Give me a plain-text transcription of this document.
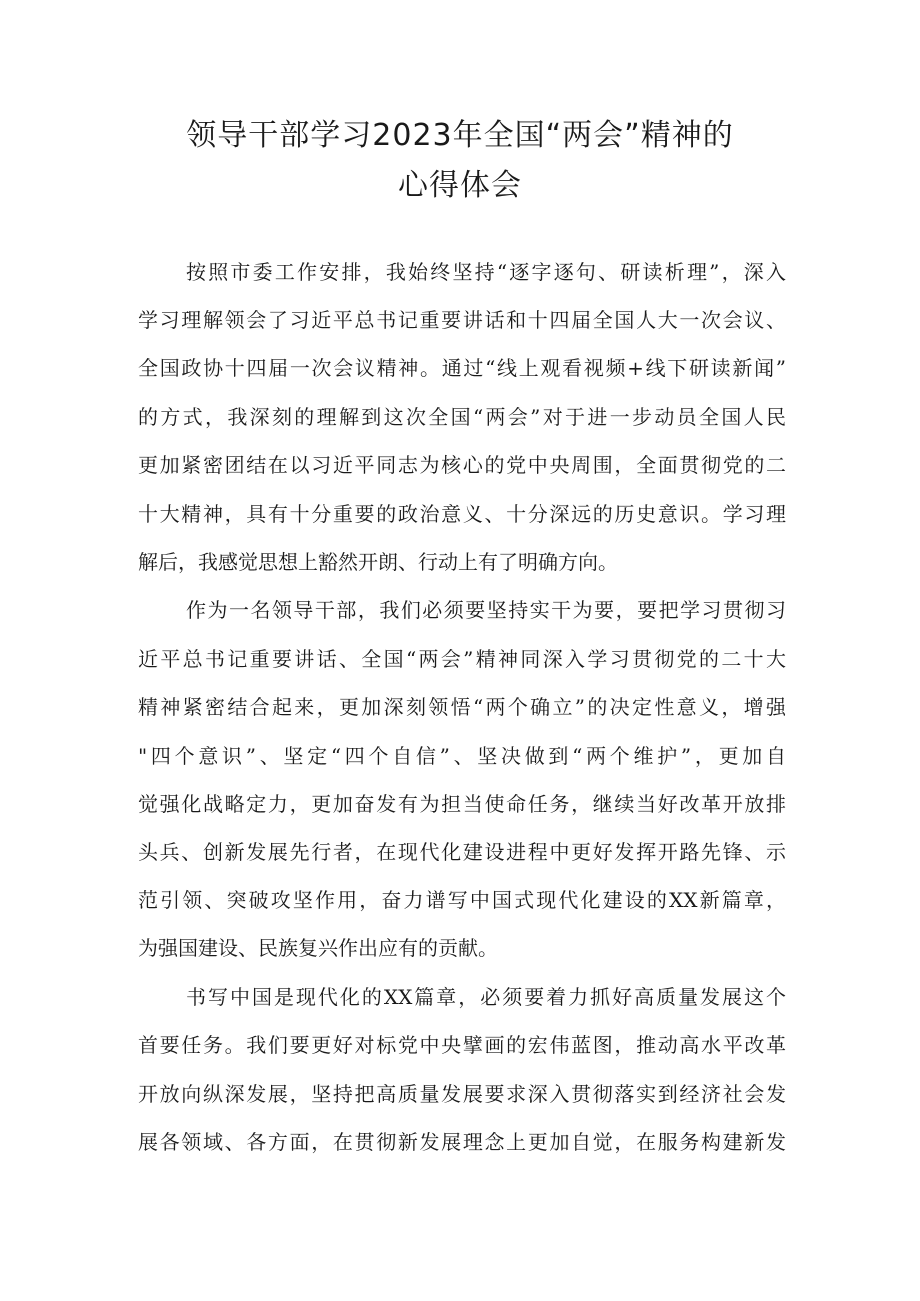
领导干部学习2023年全国“两会”精神的
心得体会
按照市委工作安排，我始终坚持“逐字逐句、研读析理”，深入
学习理解领会了习近平总书记重要讲话和十四届全国人大一次会议、
全国政协十四届一次会议精神。通过“线上观看视频+线下研读新闻”
的方式，我深刻的理解到这次全国“两会”对于进一步动员全国人民
更加紧密团结在以习近平同志为核心的党中央周围，全面贯彻党的二
十大精神，具有十分重要的政治意义、十分深远的历史意识。学习理
解后，我感觉思想上豁然开朗、行动上有了明确方向。
作为一名领导干部，我们必须要坚持实干为要，要把学习贯彻习
近平总书记重要讲话、全国“两会”精神同深入学习贯彻党的二十大
精神紧密结合起来，更加深刻领悟“两个确立”的决定性意义，增强
"四个意识”、坚定“四个自信”、坚决做到“两个维护”，更加自
觉强化战略定力，更加奋发有为担当使命任务，继续当好改革开放排
头兵、创新发展先行者，在现代化建设进程中更好发挥开路先锋、示
范引领、突破攻坚作用，奋力谱写中国式现代化建设的XX新篇章，
为强国建设、民族复兴作出应有的贡献。
书写中国是现代化的XX篇章，必须要着力抓好高质量发展这个
首要任务。我们要更好对标党中央擘画的宏伟蓝图，推动高水平改革
开放向纵深发展，坚持把高质量发展要求深入贯彻落实到经济社会发
展各领域、各方面，在贯彻新发展理念上更加自觉，在服务构建新发
